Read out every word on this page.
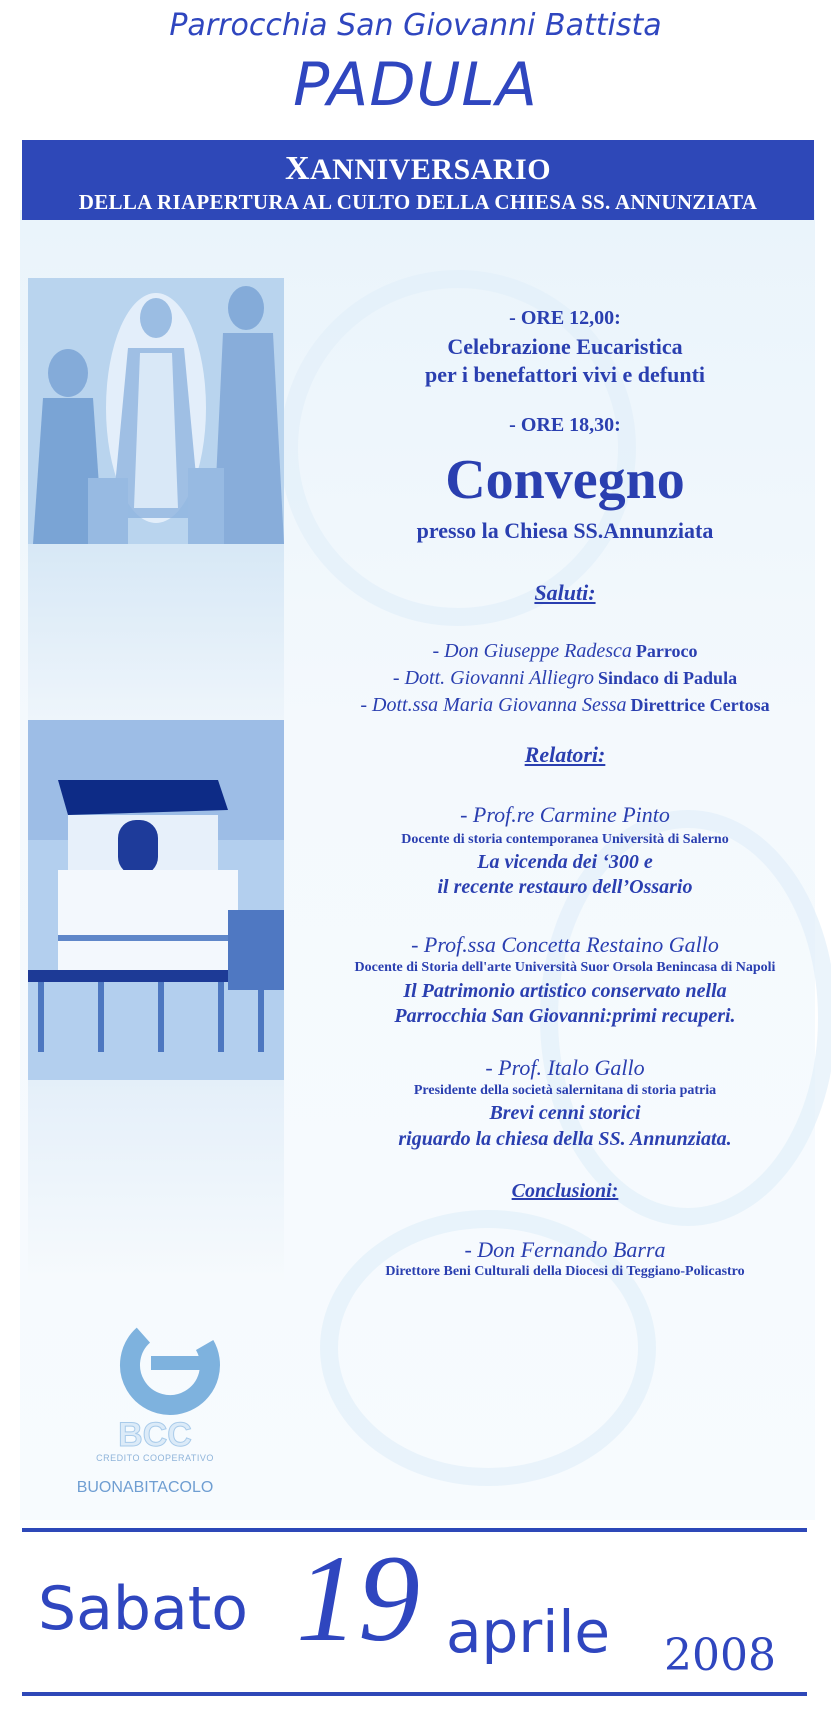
Parrocchia San Giovanni Battista
PADULA
XANNIVERSARIO
DELLA RIAPERTURA AL CULTO DELLA CHIESA SS. ANNUNZIATA
- ORE 12,00:
Celebrazione Eucaristica
per i benefattori vivi e defunti
- ORE 18,30:
Convegno
presso la Chiesa SS.Annunziata
Saluti:
- Don Giuseppe Radesca Parroco
- Dott. Giovanni Alliegro Sindaco di Padula
- Dott.ssa Maria Giovanna Sessa Direttrice Certosa
Relatori:
- Prof.re Carmine Pinto
Docente di storia contemporanea Università di Salerno
La vicenda dei ‘300 e
il recente restauro dell’Ossario
- Prof.ssa Concetta Restaino Gallo
Docente di Storia dell'arte Università Suor Orsola Benincasa di Napoli
Il Patrimonio artistico conservato nella
Parrocchia San Giovanni:primi recuperi.
- Prof. Italo Gallo
Presidente della società salernitana di storia patria
Brevi cenni storici
riguardo la chiesa della SS. Annunziata.
Conclusioni:
- Don Fernando Barra
Direttore Beni Culturali della Diocesi di Teggiano-Policastro
BCC
CREDITO COOPERATIVO
BUONABITACOLO
Sabato 19 aprile 2008
